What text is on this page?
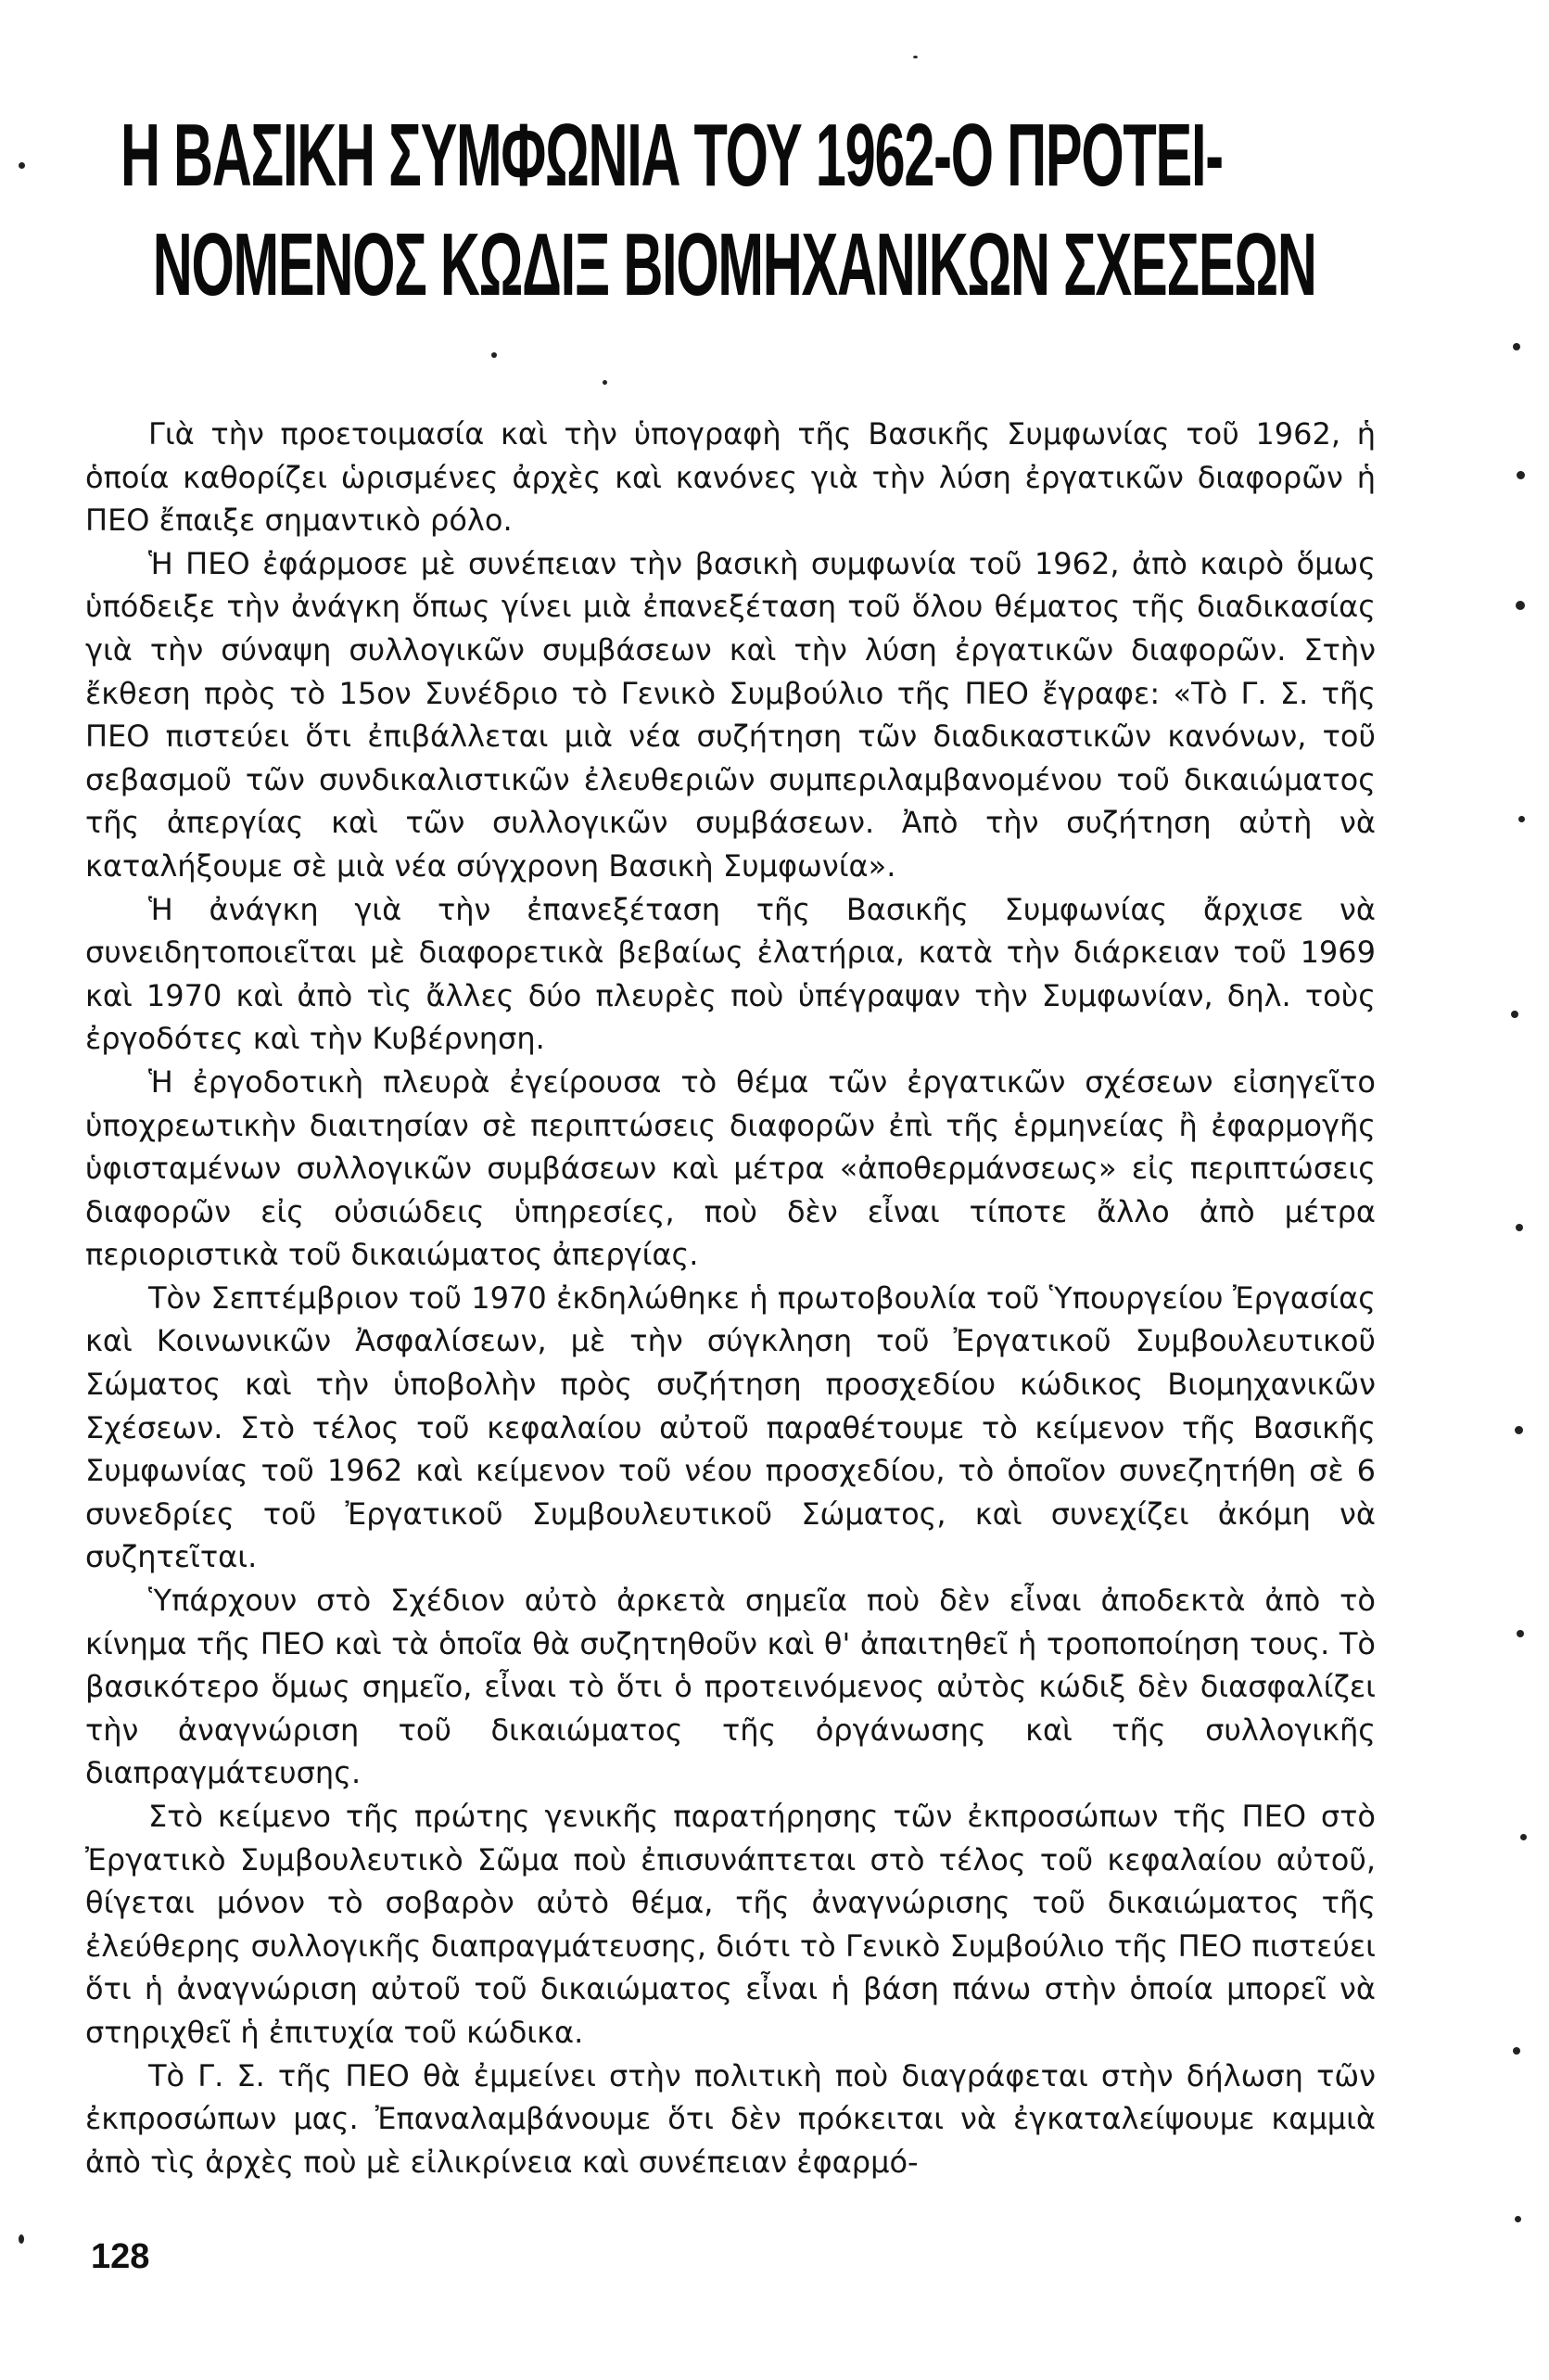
Η ΒΑΣΙΚΗ ΣΥΜΦΩΝΙΑ ΤΟΥ 1962-Ο ΠΡΟΤΕΙ-
ΝΟΜΕΝΟΣ ΚΩΔΙΞ ΒΙΟΜΗΧΑΝΙΚΩΝ ΣΧΕΣΕΩΝ

Γιὰ τὴν προετοιμασία καὶ τὴν ὑπογραφὴ τῆς Βασικῆς Συμφωνίας τοῦ 1962, ἡ ὁποία καθορίζει ὡρισμένες ἀρχὲς καὶ κανόνες γιὰ τὴν λύση ἐργατικῶν διαφορῶν ἡ ΠΕΟ ἔπαιξε σημαντικὸ ρόλο.

Ἡ ΠΕΟ ἐφάρμοσε μὲ συνέπειαν τὴν βασικὴ συμφωνία τοῦ 1962, ἀπὸ καιρὸ ὅμως ὑπόδειξε τὴν ἀνάγκη ὅπως γίνει μιὰ ἐπανεξέταση τοῦ ὅλου θέματος τῆς διαδικασίας γιὰ τὴν σύναψη συλλογικῶν συμβάσεων καὶ τὴν λύση ἐργατικῶν διαφορῶν. Στὴν ἔκθεση πρὸς τὸ 15ον Συνέδριο τὸ Γενικὸ Συμβούλιο τῆς ΠΕΟ ἔγραφε: «Τὸ Γ. Σ. τῆς ΠΕΟ πιστεύει ὅτι ἐπιβάλλεται μιὰ νέα συζήτηση τῶν διαδικαστικῶν κανόνων, τοῦ σεβασμοῦ τῶν συνδικαλιστικῶν ἐλευθεριῶν συμπεριλαμβανομένου τοῦ δικαιώματος τῆς ἀπεργίας καὶ τῶν συλλογικῶν συμβάσεων. Ἀπὸ τὴν συζήτηση αὐτὴ νὰ καταλήξουμε σὲ μιὰ νέα σύγχρονη Βασικὴ Συμφωνία».

Ἡ ἀνάγκη γιὰ τὴν ἐπανεξέταση τῆς Βασικῆς Συμφωνίας ἄρχισε νὰ συνειδητοποιεῖται μὲ διαφορετικὰ βεβαίως ἐλατήρια, κατὰ τὴν διάρκειαν τοῦ 1969 καὶ 1970 καὶ ἀπὸ τὶς ἄλλες δύο πλευρὲς ποὺ ὑπέγραψαν τὴν Συμφωνίαν, δηλ. τοὺς ἐργοδότες καὶ τὴν Κυβέρνηση.

Ἡ ἐργοδοτικὴ πλευρὰ ἐγείρουσα τὸ θέμα τῶν ἐργατικῶν σχέσεων εἰσηγεῖτο ὑποχρεωτικὴν διαιτησίαν σὲ περιπτώσεις διαφορῶν ἐπὶ τῆς ἑρμηνείας ἢ ἐφαρμογῆς ὑφισταμένων συλλογικῶν συμβάσεων καὶ μέτρα «ἀποθερμάνσεως» εἰς περιπτώσεις διαφορῶν εἰς οὐσιώδεις ὑπηρεσίες, ποὺ δὲν εἶναι τίποτε ἄλλο ἀπὸ μέτρα περιοριστικὰ τοῦ δικαιώματος ἀπεργίας.

Τὸν Σεπτέμβριον τοῦ 1970 ἐκδηλώθηκε ἡ πρωτοβουλία τοῦ Ὑπουργείου Ἐργασίας καὶ Κοινωνικῶν Ἀσφαλίσεων, μὲ τὴν σύγκληση τοῦ Ἐργατικοῦ Συμβουλευτικοῦ Σώματος καὶ τὴν ὑποβολὴν πρὸς συζήτηση προσχεδίου κώδικος Βιομηχανικῶν Σχέσεων. Στὸ τέλος τοῦ κεφαλαίου αὐτοῦ παραθέτουμε τὸ κείμενον τῆς Βασικῆς Συμφωνίας τοῦ 1962 καὶ κείμενον τοῦ νέου προσχεδίου, τὸ ὁποῖον συνεζητήθη σὲ 6 συνεδρίες τοῦ Ἐργατικοῦ Συμβουλευτικοῦ Σώματος, καὶ συνεχίζει ἀκόμη νὰ συζητεῖται.

Ὑπάρχουν στὸ Σχέδιον αὐτὸ ἀρκετὰ σημεῖα ποὺ δὲν εἶναι ἀποδεκτὰ ἀπὸ τὸ κίνημα τῆς ΠΕΟ καὶ τὰ ὁποῖα θὰ συζητηθοῦν καὶ θ' ἀπαιτηθεῖ ἡ τροποποίηση τους. Τὸ βασικότερο ὅμως σημεῖο, εἶναι τὸ ὅτι ὁ προτεινόμενος αὐτὸς κώδιξ δὲν διασφαλίζει τὴν ἀναγνώριση τοῦ δικαιώματος τῆς ὀργάνωσης καὶ τῆς συλλογικῆς διαπραγμάτευσης.

Στὸ κείμενο τῆς πρώτης γενικῆς παρατήρησης τῶν ἐκπροσώπων τῆς ΠΕΟ στὸ Ἐργατικὸ Συμβουλευτικὸ Σῶμα ποὺ ἐπισυνάπτεται στὸ τέλος τοῦ κεφαλαίου αὐτοῦ, θίγεται μόνον τὸ σοβαρὸν αὐτὸ θέμα, τῆς ἀναγνώρισης τοῦ δικαιώματος τῆς ἐλεύθερης συλλογικῆς διαπραγμάτευσης, διότι τὸ Γενικὸ Συμβούλιο τῆς ΠΕΟ πιστεύει ὅτι ἡ ἀναγνώριση αὐτοῦ τοῦ δικαιώματος εἶναι ἡ βάση πάνω στὴν ὁποία μπορεῖ νὰ στηριχθεῖ ἡ ἐπιτυχία τοῦ κώδικα.

Τὸ Γ. Σ. τῆς ΠΕΟ θὰ ἐμμείνει στὴν πολιτικὴ ποὺ διαγράφεται στὴν δήλωση τῶν ἐκπροσώπων μας. Ἐπαναλαμβάνουμε ὅτι δὲν πρόκειται νὰ ἐγκαταλείψουμε καμμιὰ ἀπὸ τὶς ἀρχὲς ποὺ μὲ εἰλικρίνεια καὶ συνέπειαν ἐφαρμό-

128
